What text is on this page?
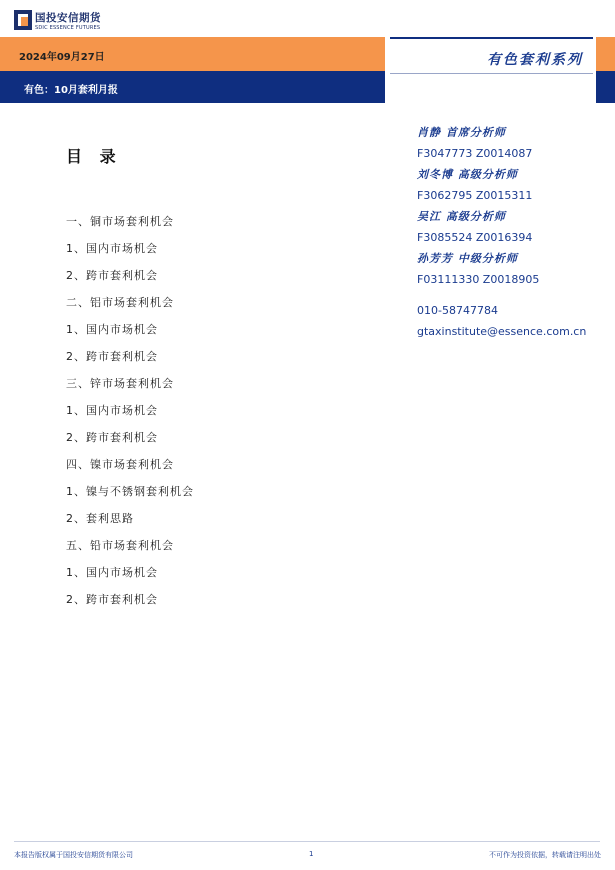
国投安信期货
SDIC ESSENCE FUTURES
2024年09月27日
有色：10月套利月报
有色套利系列
目 录
一、铜市场套利机会
1、国内市场机会
2、跨市套利机会
二、铝市场套利机会
1、国内市场机会
2、跨市套利机会
三、锌市场套利机会
1、国内市场机会
2、跨市套利机会
四、镍市场套利机会
1、镍与不锈钢套利机会
2、套利思路
五、铅市场套利机会
1、国内市场机会
2、跨市套利机会
肖静 首席分析师
F3047773 Z0014087
刘冬博 高级分析师
F3062795 Z0015311
吴江 高级分析师
F3085524 Z0016394
孙芳芳 中级分析师
F03111330 Z0018905
010-58747784
gtaxinstitute@essence.com.cn
本报告版权属于国投安信期货有限公司	1	不可作为投资依据，转载请注明出处
